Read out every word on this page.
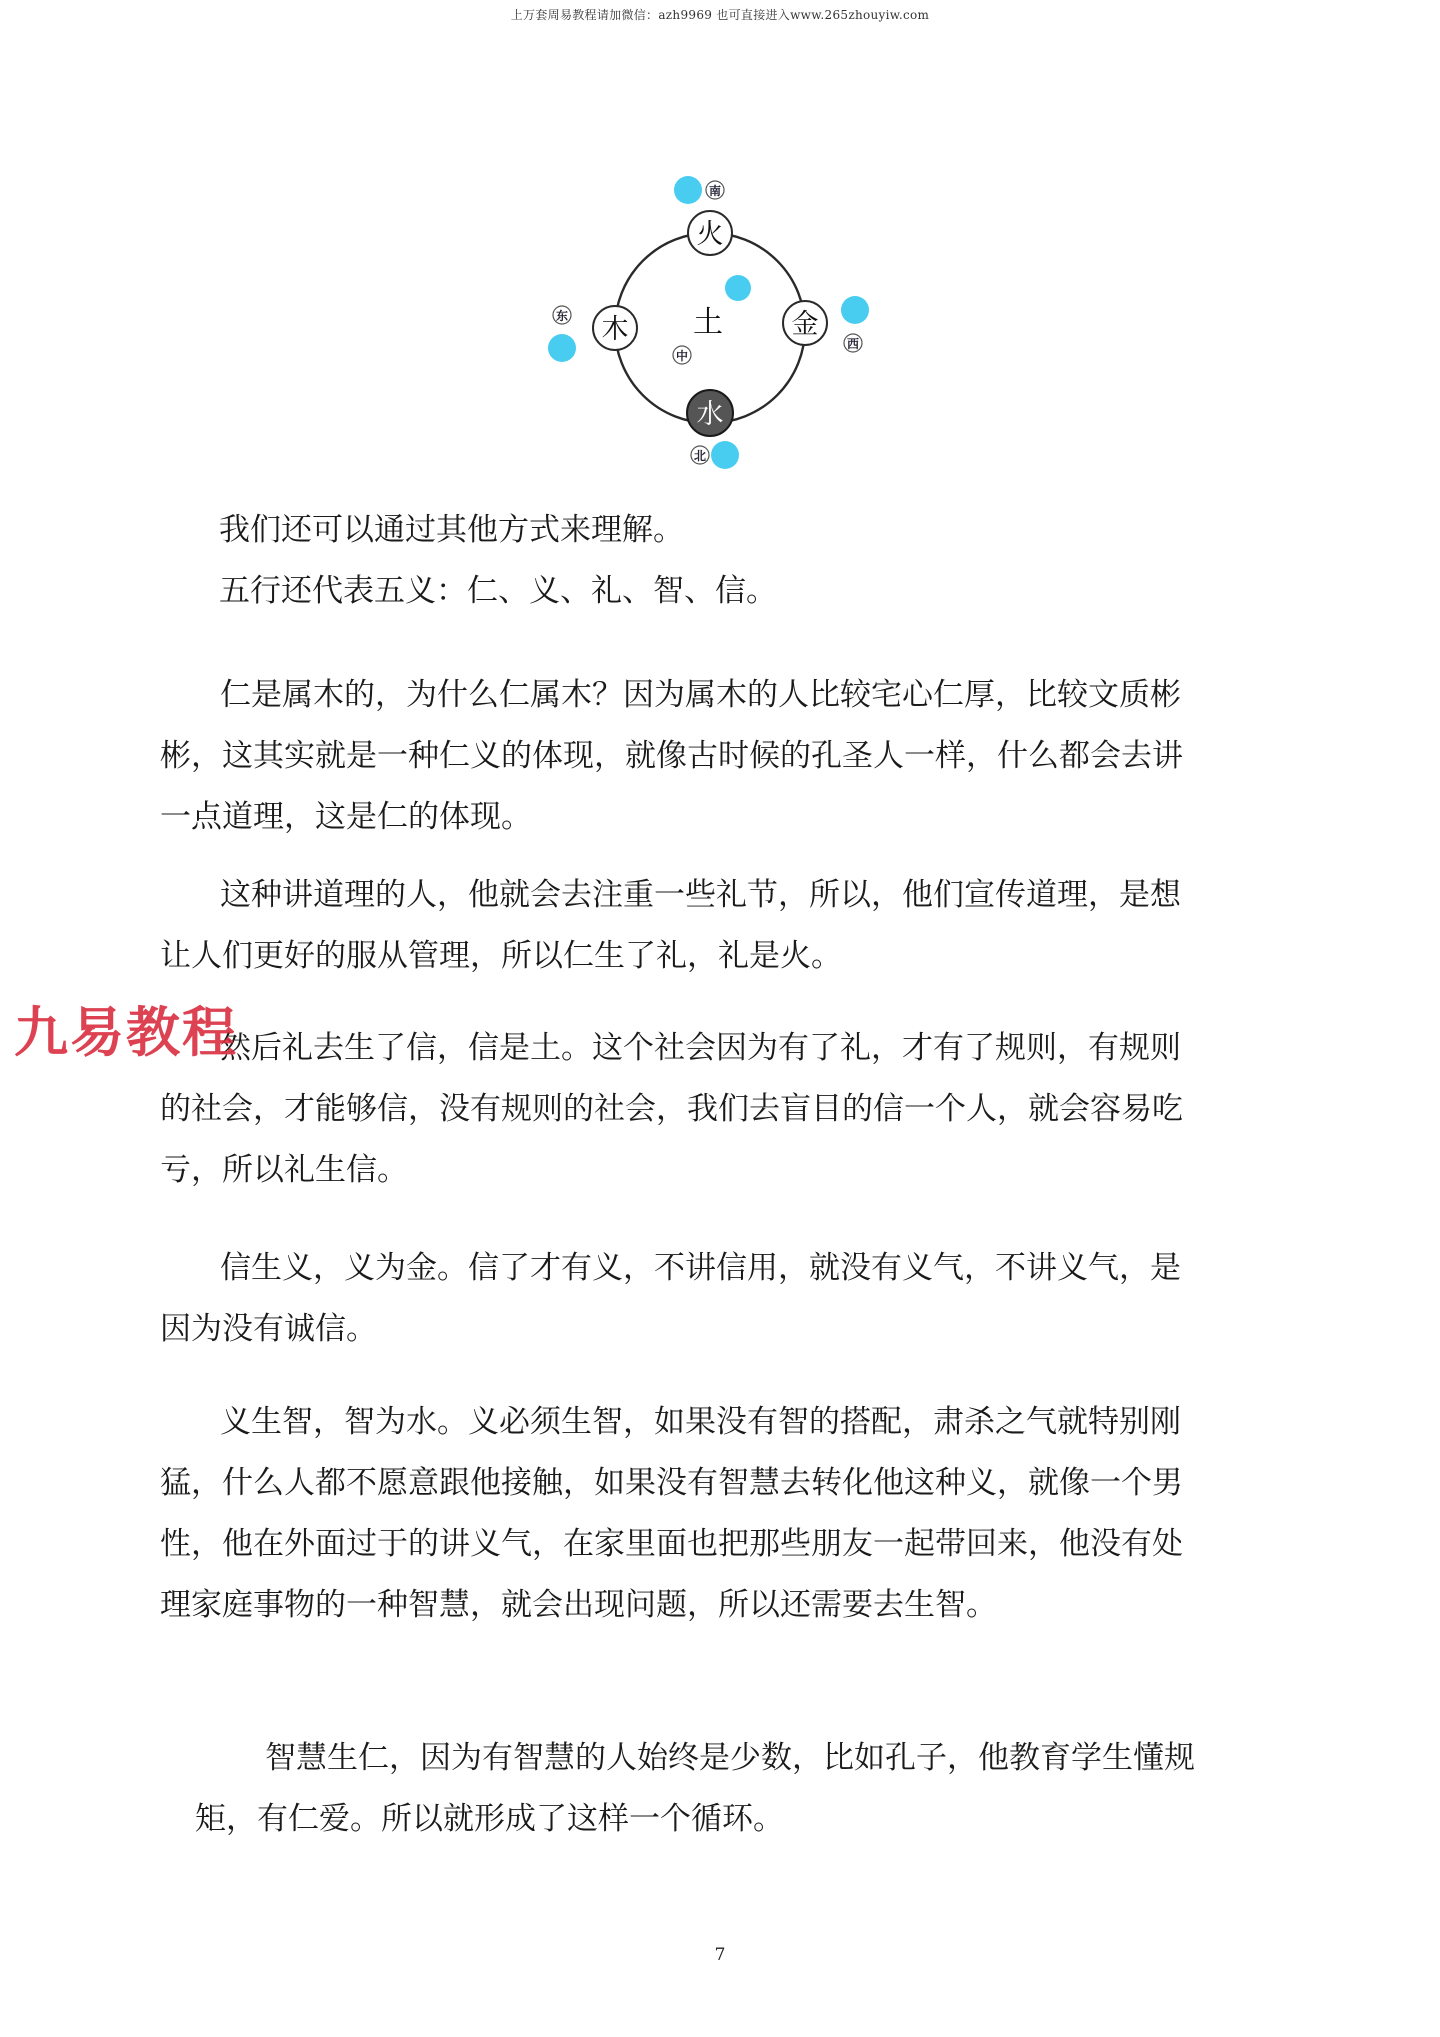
上万套周易教程请加微信：azh9969 也可直接进入www.265zhouyiw.com
火
木 土	金
水
南
东
中
西
北

我们还可以通过其他方式来理解。

五行还代表五义：仁、义、礼、智、信。

仁是属木的，为什么仁属木？因为属木的人比较宅心仁厚，比较文质彬彬，这其实就是一种仁义的体现，就像古时候的孔圣人一样，什么都会去讲一点道理，这是仁的体现。

这种讲道理的人，他就会去注重一些礼节，所以，他们宣传道理，是想让人们更好的服从管理，所以仁生了礼，礼是火。

然后礼去生了信，信是土。这个社会因为有了礼，才有了规则，有规则的社会，才能够信，没有规则的社会，我们去盲目的信一个人，就会容易吃亏，所以礼生信。

信生义，义为金。信了才有义，不讲信用，就没有义气，不讲义气，是因为没有诚信。

义生智，智为水。义必须生智，如果没有智的搭配，肃杀之气就特别刚猛，什么人都不愿意跟他接触，如果没有智慧去转化他这种义，就像一个男性，他在外面过于的讲义气，在家里面也把那些朋友一起带回来，他没有处理家庭事物的一种智慧，就会出现问题，所以还需要去生智。

智慧生仁，因为有智慧的人始终是少数，比如孔子，他教育学生懂规矩，有仁爱。所以就形成了这样一个循环。

九易教程
7
